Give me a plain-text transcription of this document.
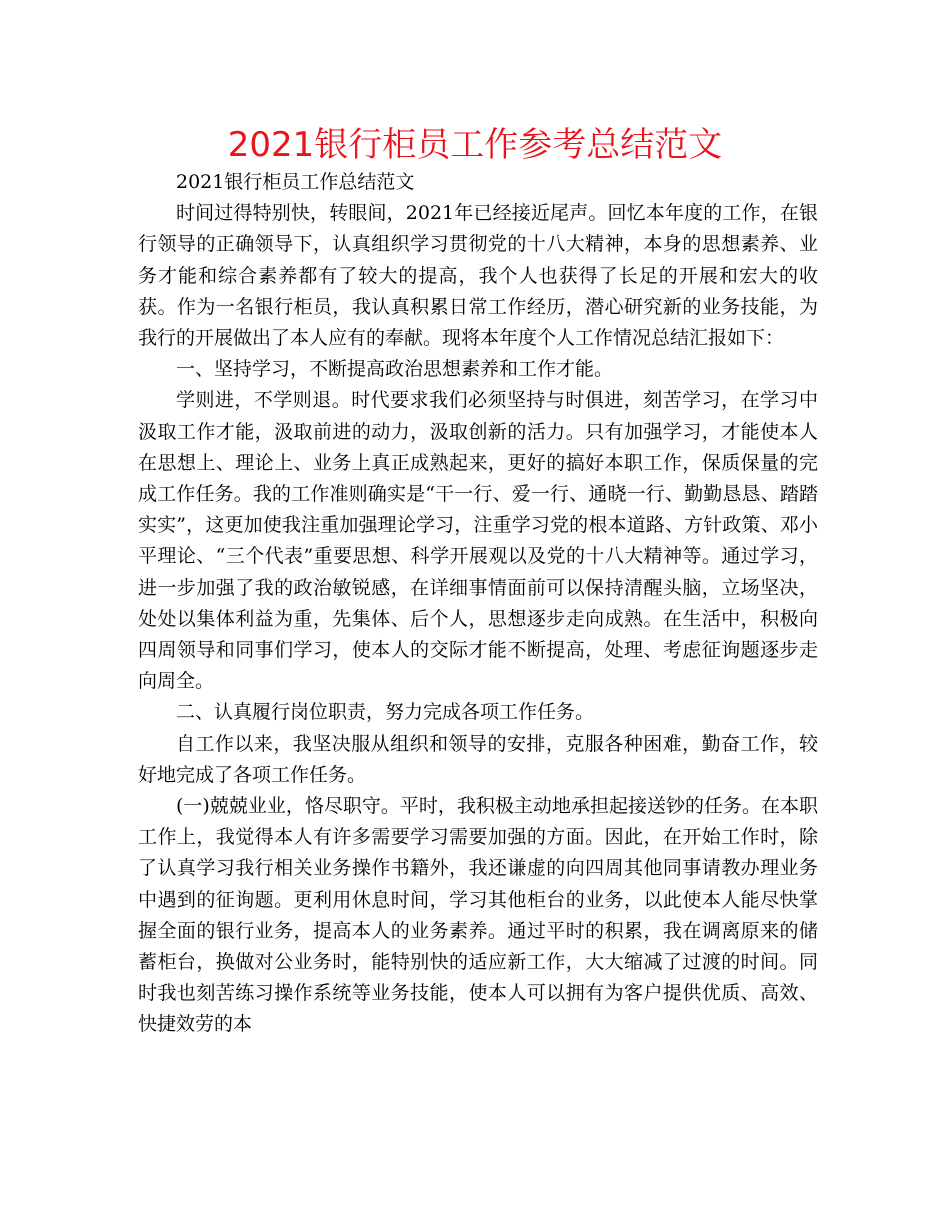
2021银行柜员工作参考总结范文

2021银行柜员工作总结范文

时间过得特别快，转眼间，2021年已经接近尾声。回忆本年度的工作，在银行领导的正确领导下，认真组织学习贯彻党的十八大精神，本身的思想素养、业务才能和综合素养都有了较大的提高，我个人也获得了长足的开展和宏大的收获。作为一名银行柜员，我认真积累日常工作经历，潜心研究新的业务技能，为我行的开展做出了本人应有的奉献。现将本年度个人工作情况总结汇报如下：

一、坚持学习，不断提高政治思想素养和工作才能。

学则进，不学则退。时代要求我们必须坚持与时俱进，刻苦学习，在学习中汲取工作才能，汲取前进的动力，汲取创新的活力。只有加强学习，才能使本人在思想上、理论上、业务上真正成熟起来，更好的搞好本职工作，保质保量的完成工作任务。我的工作准则确实是“干一行、爱一行、通晓一行、勤勤恳恳、踏踏实实”，这更加使我注重加强理论学习，注重学习党的根本道路、方针政策、邓小平理论、“三个代表”重要思想、科学开展观以及党的十八大精神等。通过学习，进一步加强了我的政治敏锐感，在详细事情面前可以保持清醒头脑，立场坚决，处处以集体利益为重，先集体、后个人，思想逐步走向成熟。在生活中，积极向四周领导和同事们学习，使本人的交际才能不断提高，处理、考虑征询题逐步走向周全。

二、认真履行岗位职责，努力完成各项工作任务。

自工作以来，我坚决服从组织和领导的安排，克服各种困难，勤奋工作，较好地完成了各项工作任务。

(一)兢兢业业，恪尽职守。平时，我积极主动地承担起接送钞的任务。在本职工作上，我觉得本人有许多需要学习需要加强的方面。因此，在开始工作时，除了认真学习我行相关业务操作书籍外，我还谦虚的向四周其他同事请教办理业务中遇到的征询题。更利用休息时间，学习其他柜台的业务，以此使本人能尽快掌握全面的银行业务，提高本人的业务素养。通过平时的积累，我在调离原来的储蓄柜台，换做对公业务时，能特别快的适应新工作，大大缩减了过渡的时间。同时我也刻苦练习操作系统等业务技能，使本人可以拥有为客户提供优质、高效、快捷效劳的本
